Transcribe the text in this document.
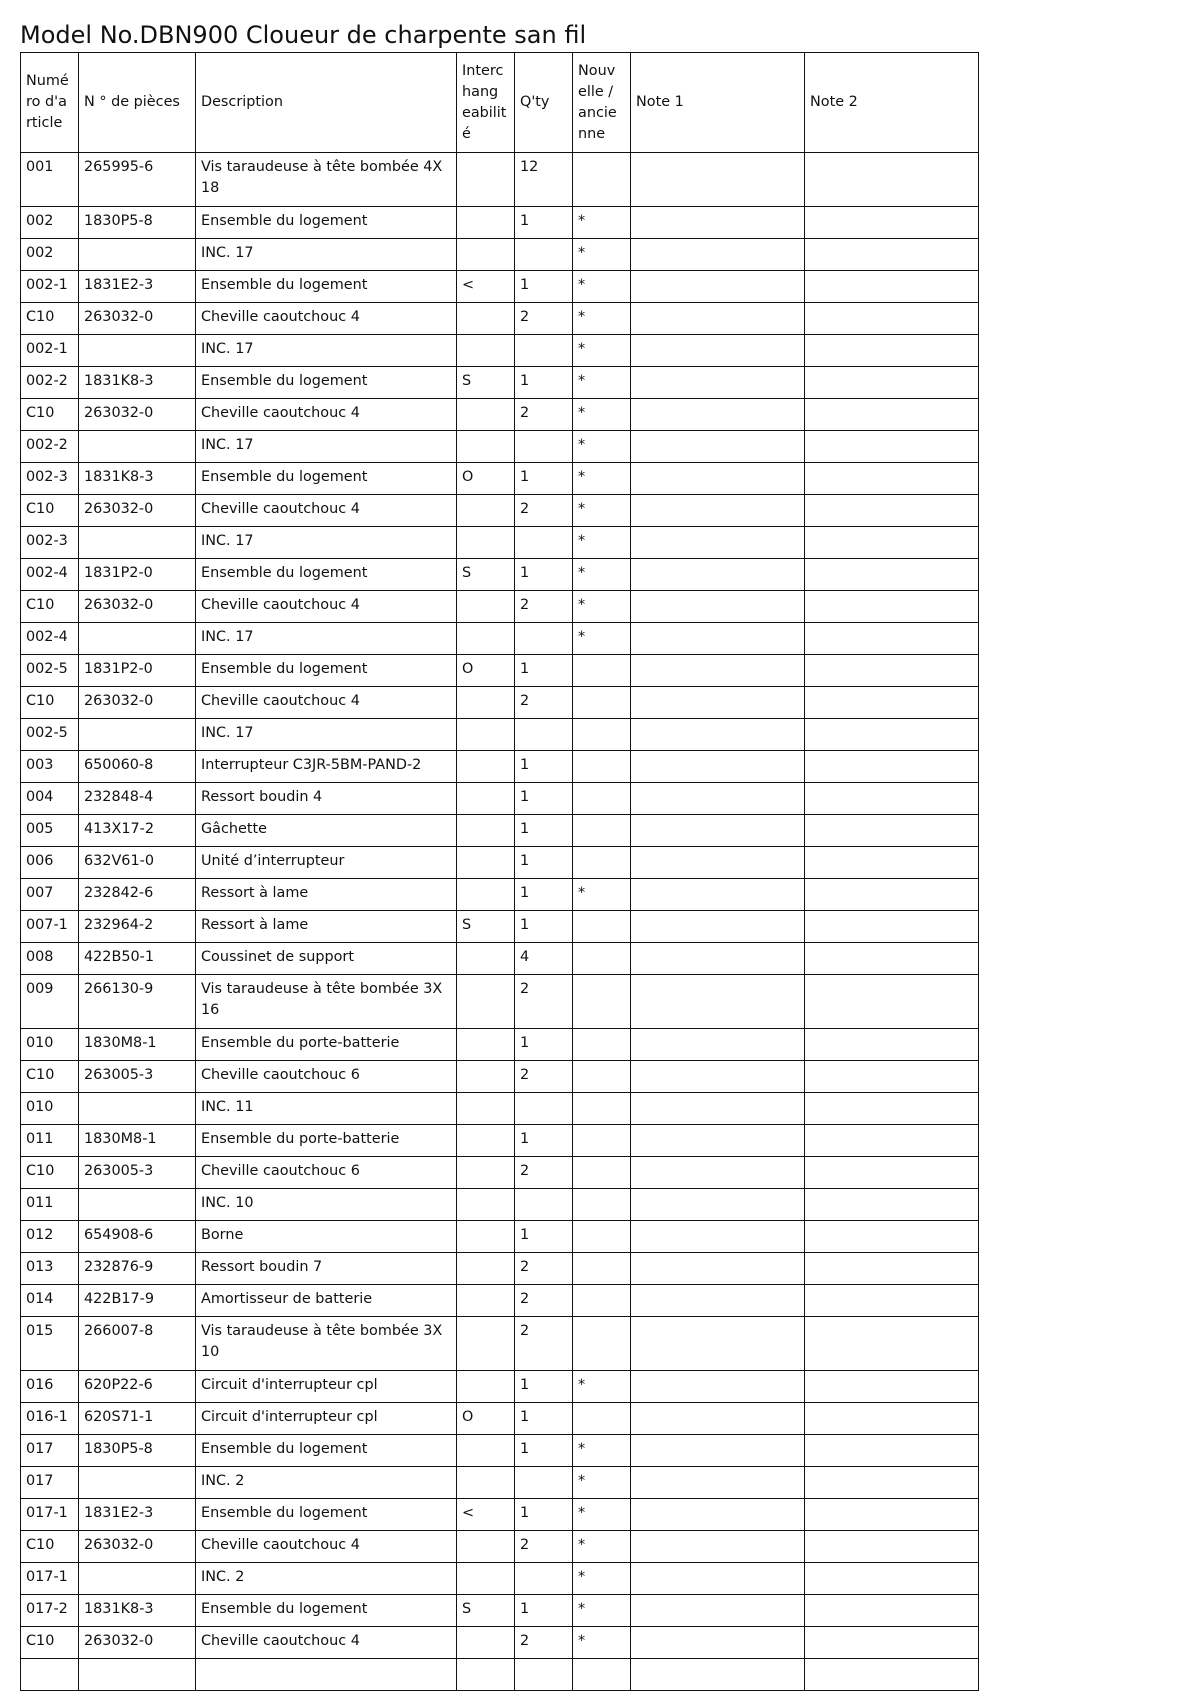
Model No.DBN900 Cloueur de charpente san fil
Numé ro d'a rticle	N ° de pièces	Description	Interc hang eabilit é	Q'ty	Nouv elle / ancie nne	Note 1	Note 2
001	265995-6	Vis taraudeuse à tête bombée 4X 18		12			
002	1830P5-8	Ensemble du logement		1	*		
002		INC. 17			*		
002-1	1831E2-3	Ensemble du logement	<	1	*		
C10	263032-0	Cheville caoutchouc 4		2	*		
002-1		INC. 17			*		
002-2	1831K8-3	Ensemble du logement	S	1	*		
C10	263032-0	Cheville caoutchouc 4		2	*		
002-2		INC. 17			*		
002-3	1831K8-3	Ensemble du logement	O	1	*		
C10	263032-0	Cheville caoutchouc 4		2	*		
002-3		INC. 17			*		
002-4	1831P2-0	Ensemble du logement	S	1	*		
C10	263032-0	Cheville caoutchouc 4		2	*		
002-4		INC. 17			*		
002-5	1831P2-0	Ensemble du logement	O	1			
C10	263032-0	Cheville caoutchouc 4		2			
002-5		INC. 17					
003	650060-8	Interrupteur C3JR-5BM-PAND-2		1			
004	232848-4	Ressort boudin 4		1			
005	413X17-2	Gâchette		1			
006	632V61-0	Unité d’interrupteur		1			
007	232842-6	Ressort à lame		1	*		
007-1	232964-2	Ressort à lame	S	1			
008	422B50-1	Coussinet de support		4			
009	266130-9	Vis taraudeuse à tête bombée 3X 16		2			
010	1830M8-1	Ensemble du porte-batterie		1			
C10	263005-3	Cheville caoutchouc 6		2			
010		INC. 11					
011	1830M8-1	Ensemble du porte-batterie		1			
C10	263005-3	Cheville caoutchouc 6		2			
011		INC. 10					
012	654908-6	Borne		1			
013	232876-9	Ressort boudin 7		2			
014	422B17-9	Amortisseur de batterie		2			
015	266007-8	Vis taraudeuse à tête bombée 3X 10		2			
016	620P22-6	Circuit d'interrupteur cpl		1	*		
016-1	620S71-1	Circuit d'interrupteur cpl	O	1			
017	1830P5-8	Ensemble du logement		1	*		
017		INC. 2			*		
017-1	1831E2-3	Ensemble du logement	<	1	*		
C10	263032-0	Cheville caoutchouc 4		2	*		
017-1		INC. 2			*		
017-2	1831K8-3	Ensemble du logement	S	1	*		
C10	263032-0	Cheville caoutchouc 4		2	*		
